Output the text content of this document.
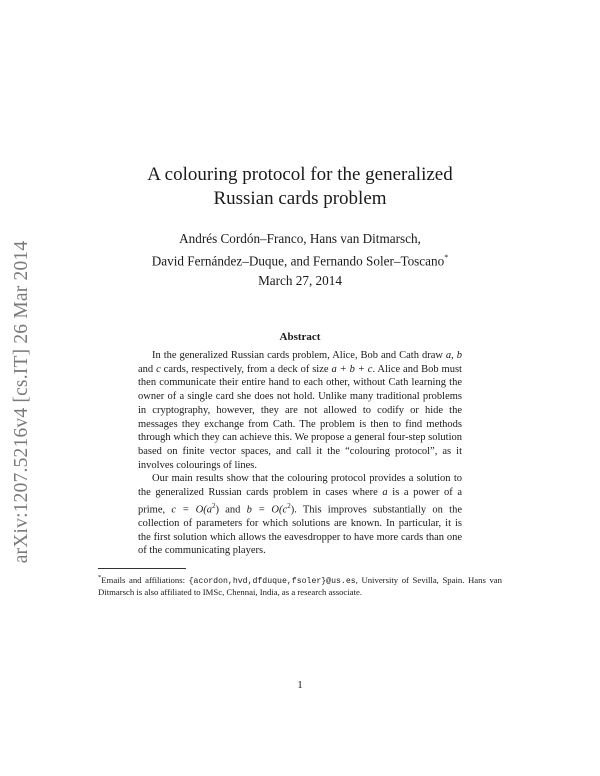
arXiv:1207.5216v4 [cs.IT] 26 Mar 2014
A colouring protocol for the generalized
Russian cards problem
Andrés Cordón–Franco, Hans van Ditmarsch,
David Fernández–Duque, and Fernando Soler–Toscano*
March 27, 2014
Abstract

In the generalized Russian cards problem, Alice, Bob and Cath draw a, b and c cards, respectively, from a deck of size a + b + c. Alice and Bob must then communicate their entire hand to each other, without Cath learning the owner of a single card she does not hold. Unlike many traditional problems in cryptography, however, they are not allowed to codify or hide the messages they exchange from Cath. The problem is then to find methods through which they can achieve this. We propose a general four-step solution based on finite vector spaces, and call it the “colouring protocol”, as it involves colourings of lines.

Our main results show that the colouring protocol provides a solution to the generalized Russian cards problem in cases where a is a power of a prime, $c = O(a^2)$ and $b = O(c^2)$. This improves substantially on the collection of parameters for which solutions are known. In particular, it is the first solution which allows the eavesdropper to have more cards than one of the communicating players.

*Emails and affiliations: {acordon,hvd,dfduque,fsoler}@us.es, University of Sevilla, Spain. Hans van Ditmarsch is also affiliated to IMSc, Chennai, India, as a research associate.
1
